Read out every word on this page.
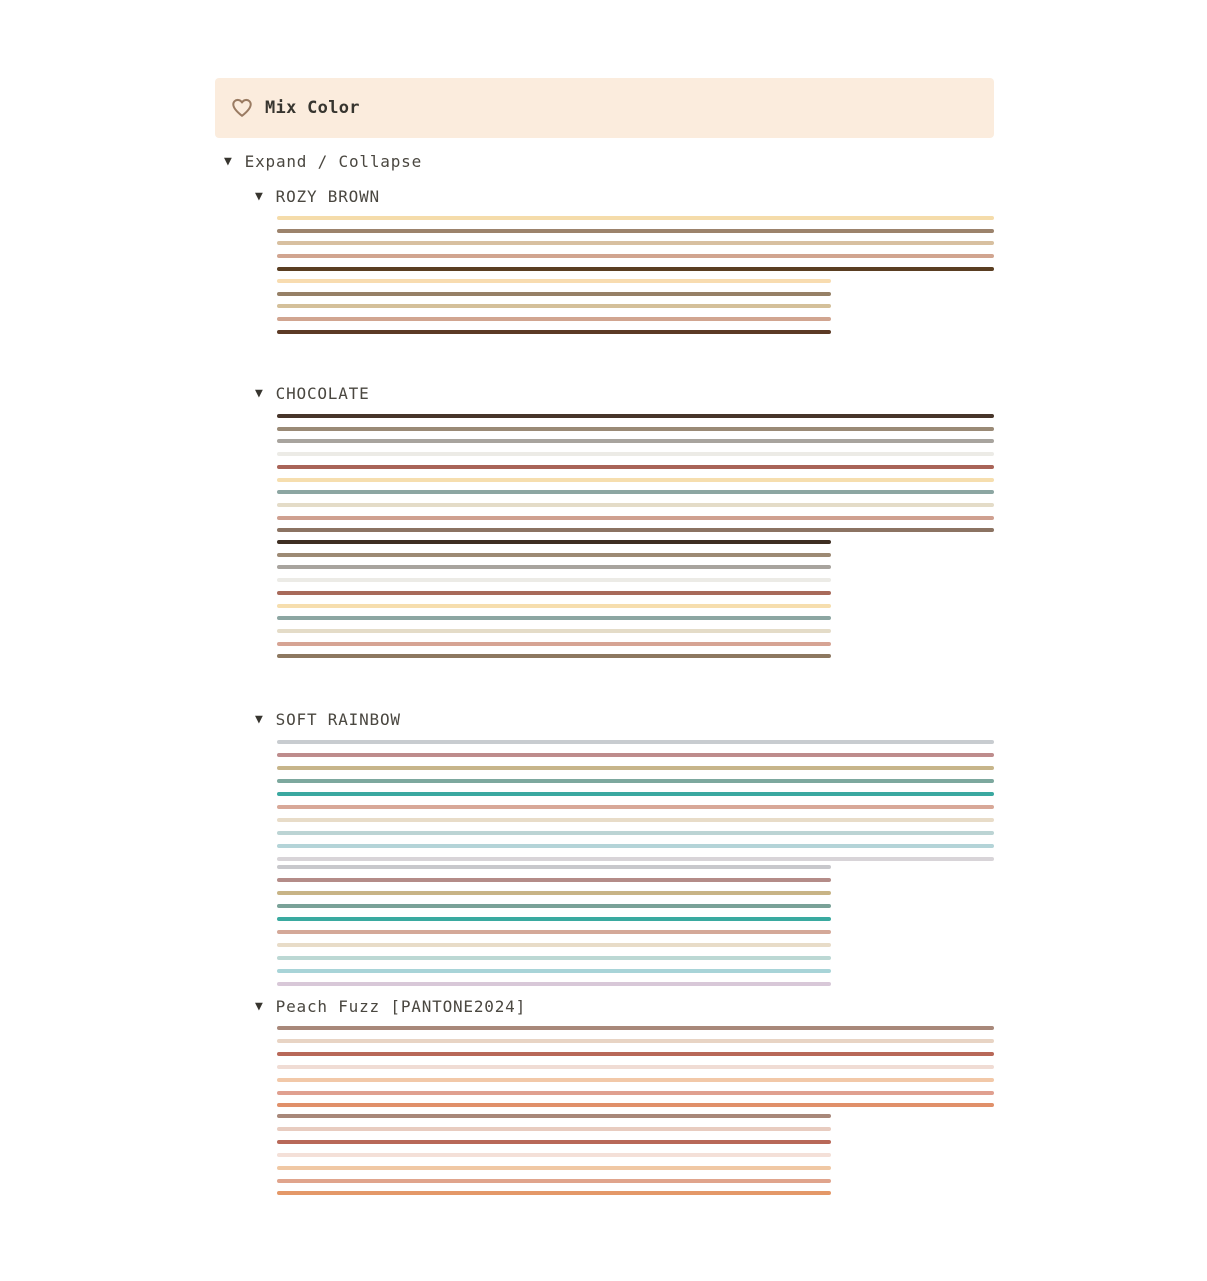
Mix Color
▼ Expand / Collapse
▼ ROZY BROWN
▼ CHOCOLATE
▼ SOFT RAINBOW
▼ Peach Fuzz [PANTONE2024]
